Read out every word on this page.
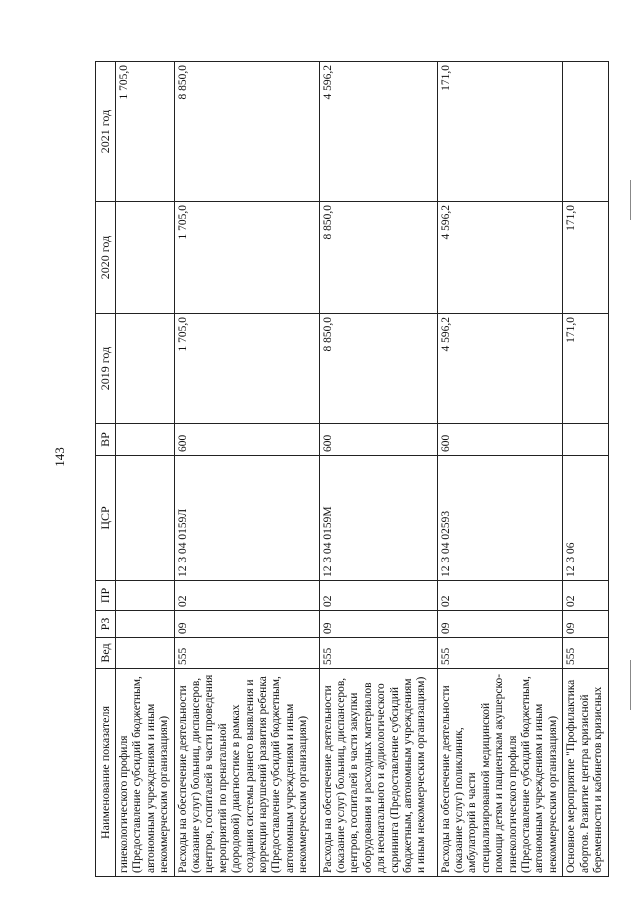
143
Наименование показателя	Вед	РЗ	ПР	ЦСР	ВР	2019 год	2020 год	2021 год
гинекологического профиля (Предоставление субсидий бюджетным, автономным учреждениям и иным некоммерческим организациям)								1 705,0
Расходы на обеспечение деятельности (оказание услуг) больниц, диспансеров, центров, госпиталей в части проведения мероприятий по пренатальной (дородовой) диагностике в рамках создания системы раннего выявления и коррекции нарушений развития ребенка (Предоставление субсидий бюджетным, автономным учреждениям и иным некоммерческим организациям)	555	09	02	12 3 04 0159Л	600	1 705,0	1 705,0	8 850,0
Расходы на обеспечение деятельности (оказание услуг) больниц, диспансеров, центров, госпиталей в части закупки оборудования и расходных материалов для неонатального и аудиологического скрининга (Предоставление субсидий бюджетным, автономным учреждениям и иным некоммерческим организациям)	555	09	02	12 3 04 0159М	600	8 850,0	8 850,0	4 596,2
Расходы на обеспечение деятельности (оказание услуг) поликлиник, амбулаторий в части специализированной медицинской помощи детям и пациенткам акушерско-гинекологического профиля (Предоставление субсидий бюджетным, автономным учреждениям и иным некоммерческим организациям)	555	09	02	12 3 04 02593	600	4 596,2	4 596,2	171,0
Основное мероприятие "Профилактика абортов. Развитие центра кризисной беременности и кабинетов кризисных	555	09	02	12 3 06		171,0	171,0	
